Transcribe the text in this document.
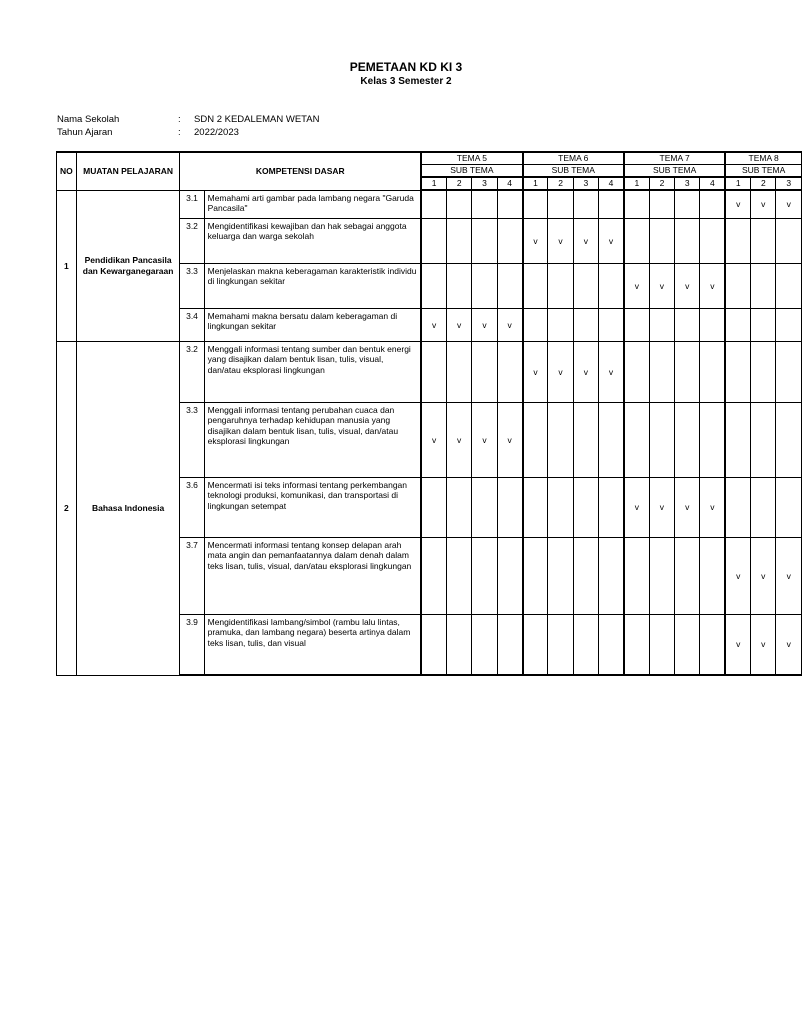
PEMETAAN KD KI 3
Kelas 3 Semester 2
Nama Sekolah	: SDN 2 KEDALEMAN WETAN
Tahun Ajaran	: 2022/2023
NO	MUATAN PELAJARAN	KOMPETENSI DASAR		TEMA 5				TEMA 6				TEMA 7				TEMA 8		
				SUB TEMA				SUB TEMA				SUB TEMA				SUB TEMA		
				1	2	3	4	1	2	3	4	1	2	3	4	1	2	3
1	Pendidikan Pancasila dan Kewarganegaraan	3.1	Memahami arti gambar pada lambang negara "Garuda Pancasila"													v	v	v
		3.2	Mengidentifikasi kewajiban dan hak sebagai anggota keluarga dan warga sekolah					v	v	v	v							
		3.3	Menjelaskan makna keberagaman karakteristik individu di lingkungan sekitar									v	v	v	v			
		3.4	Memahami makna bersatu dalam keberagaman di lingkungan sekitar	v	v	v	v											
2	Bahasa Indonesia	3.2	Menggali informasi tentang sumber dan bentuk energi yang disajikan dalam bentuk lisan, tulis, visual, dan/atau eksplorasi lingkungan					v	v	v	v							
		3.3	Menggali informasi tentang perubahan cuaca dan pengaruhnya terhadap kehidupan manusia yang disajikan dalam bentuk lisan, tulis, visual, dan/atau eksplorasi lingkungan	v	v	v	v											
		3.6	Mencermati isi teks informasi tentang perkembangan teknologi produksi, komunikasi, dan transportasi di lingkungan setempat									v	v	v	v			
		3.7	Mencermati informasi tentang konsep delapan arah mata angin dan pemanfaatannya dalam denah dalam teks lisan, tulis, visual, dan/atau eksplorasi lingkungan													v	v	v
		3.9	Mengidentifikasi lambang/simbol (rambu lalu lintas, pramuka, dan lambang negara) beserta artinya dalam teks lisan, tulis, dan visual													v	v	v
